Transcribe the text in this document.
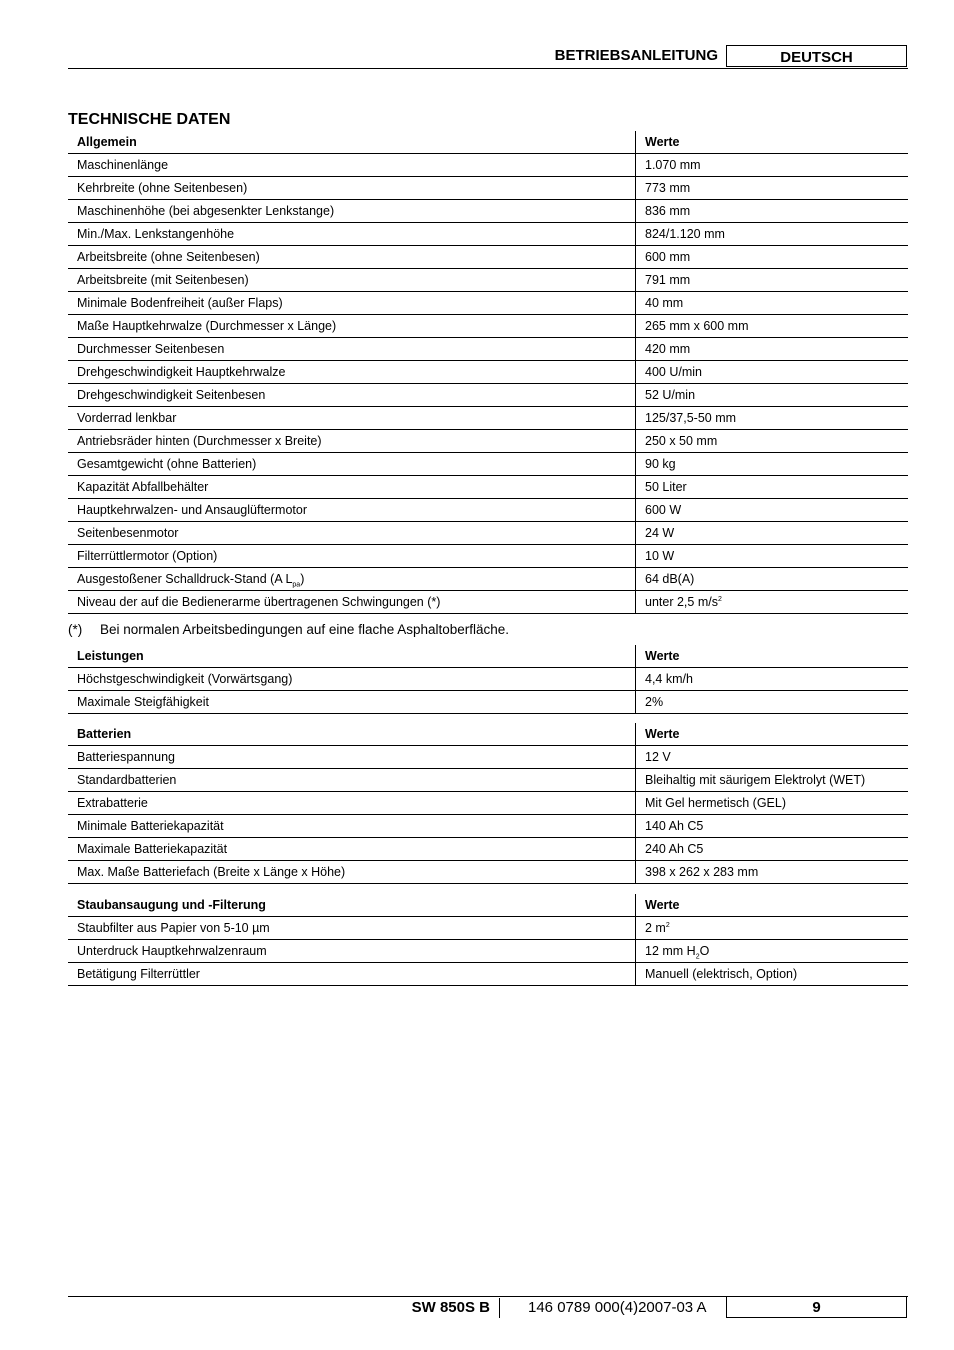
BETRIEBSANLEITUNG	DEUTSCH
TECHNISCHE DATEN
Allgemein	Werte
Maschinenlänge	1.070 mm
Kehrbreite (ohne Seitenbesen)	773 mm
Maschinenhöhe (bei abgesenkter Lenkstange)	836 mm
Min./Max. Lenkstangenhöhe	824/1.120 mm
Arbeitsbreite (ohne Seitenbesen)	600 mm
Arbeitsbreite (mit Seitenbesen)	791 mm
Minimale Bodenfreiheit (außer Flaps)	40 mm
Maße Hauptkehrwalze (Durchmesser x Länge)	265 mm x 600 mm
Durchmesser Seitenbesen	420 mm
Drehgeschwindigkeit Hauptkehrwalze	400 U/min
Drehgeschwindigkeit Seitenbesen	52 U/min
Vorderrad lenkbar	125/37,5-50 mm
Antriebsräder hinten (Durchmesser x Breite)	250 x 50 mm
Gesamtgewicht (ohne Batterien)	90 kg
Kapazität Abfallbehälter	50 Liter
Hauptkehrwalzen- und Ansauglüftermotor	600 W
Seitenbesenmotor	24 W
Filterrüttlermotor (Option)	10 W
Ausgestoßener Schalldruck-Stand (A $L_{pa}$)	64 dB(A)
Niveau der auf die Bedienerarme übertragenen Schwingungen (*)	unter 2,5 $m/s^2$
(*) Bei normalen Arbeitsbedingungen auf eine flache Asphaltoberfläche.
Leistungen	Werte
Höchstgeschwindigkeit (Vorwärtsgang)	4,4 km/h
Maximale Steigfähigkeit	2%
Batterien	Werte
Batteriespannung	12 V
Standardbatterien	Bleihaltig mit säurigem Elektrolyt (WET)
Extrabatterie	Mit Gel hermetisch (GEL)
Minimale Batteriekapazität	140 Ah C5
Maximale Batteriekapazität	240 Ah C5
Max. Maße Batteriefach (Breite x Länge x Höhe)	398 x 262 x 283 mm
Staubansaugung und -Filterung	Werte
Staubfilter aus Papier von 5-10 µm	2 $m^2$
Unterdruck Hauptkehrwalzenraum	12 mm $H_2O$
Betätigung Filterrüttler	Manuell (elektrisch, Option)
SW 850S B	146 0789 000(4)2007-03 A	9
